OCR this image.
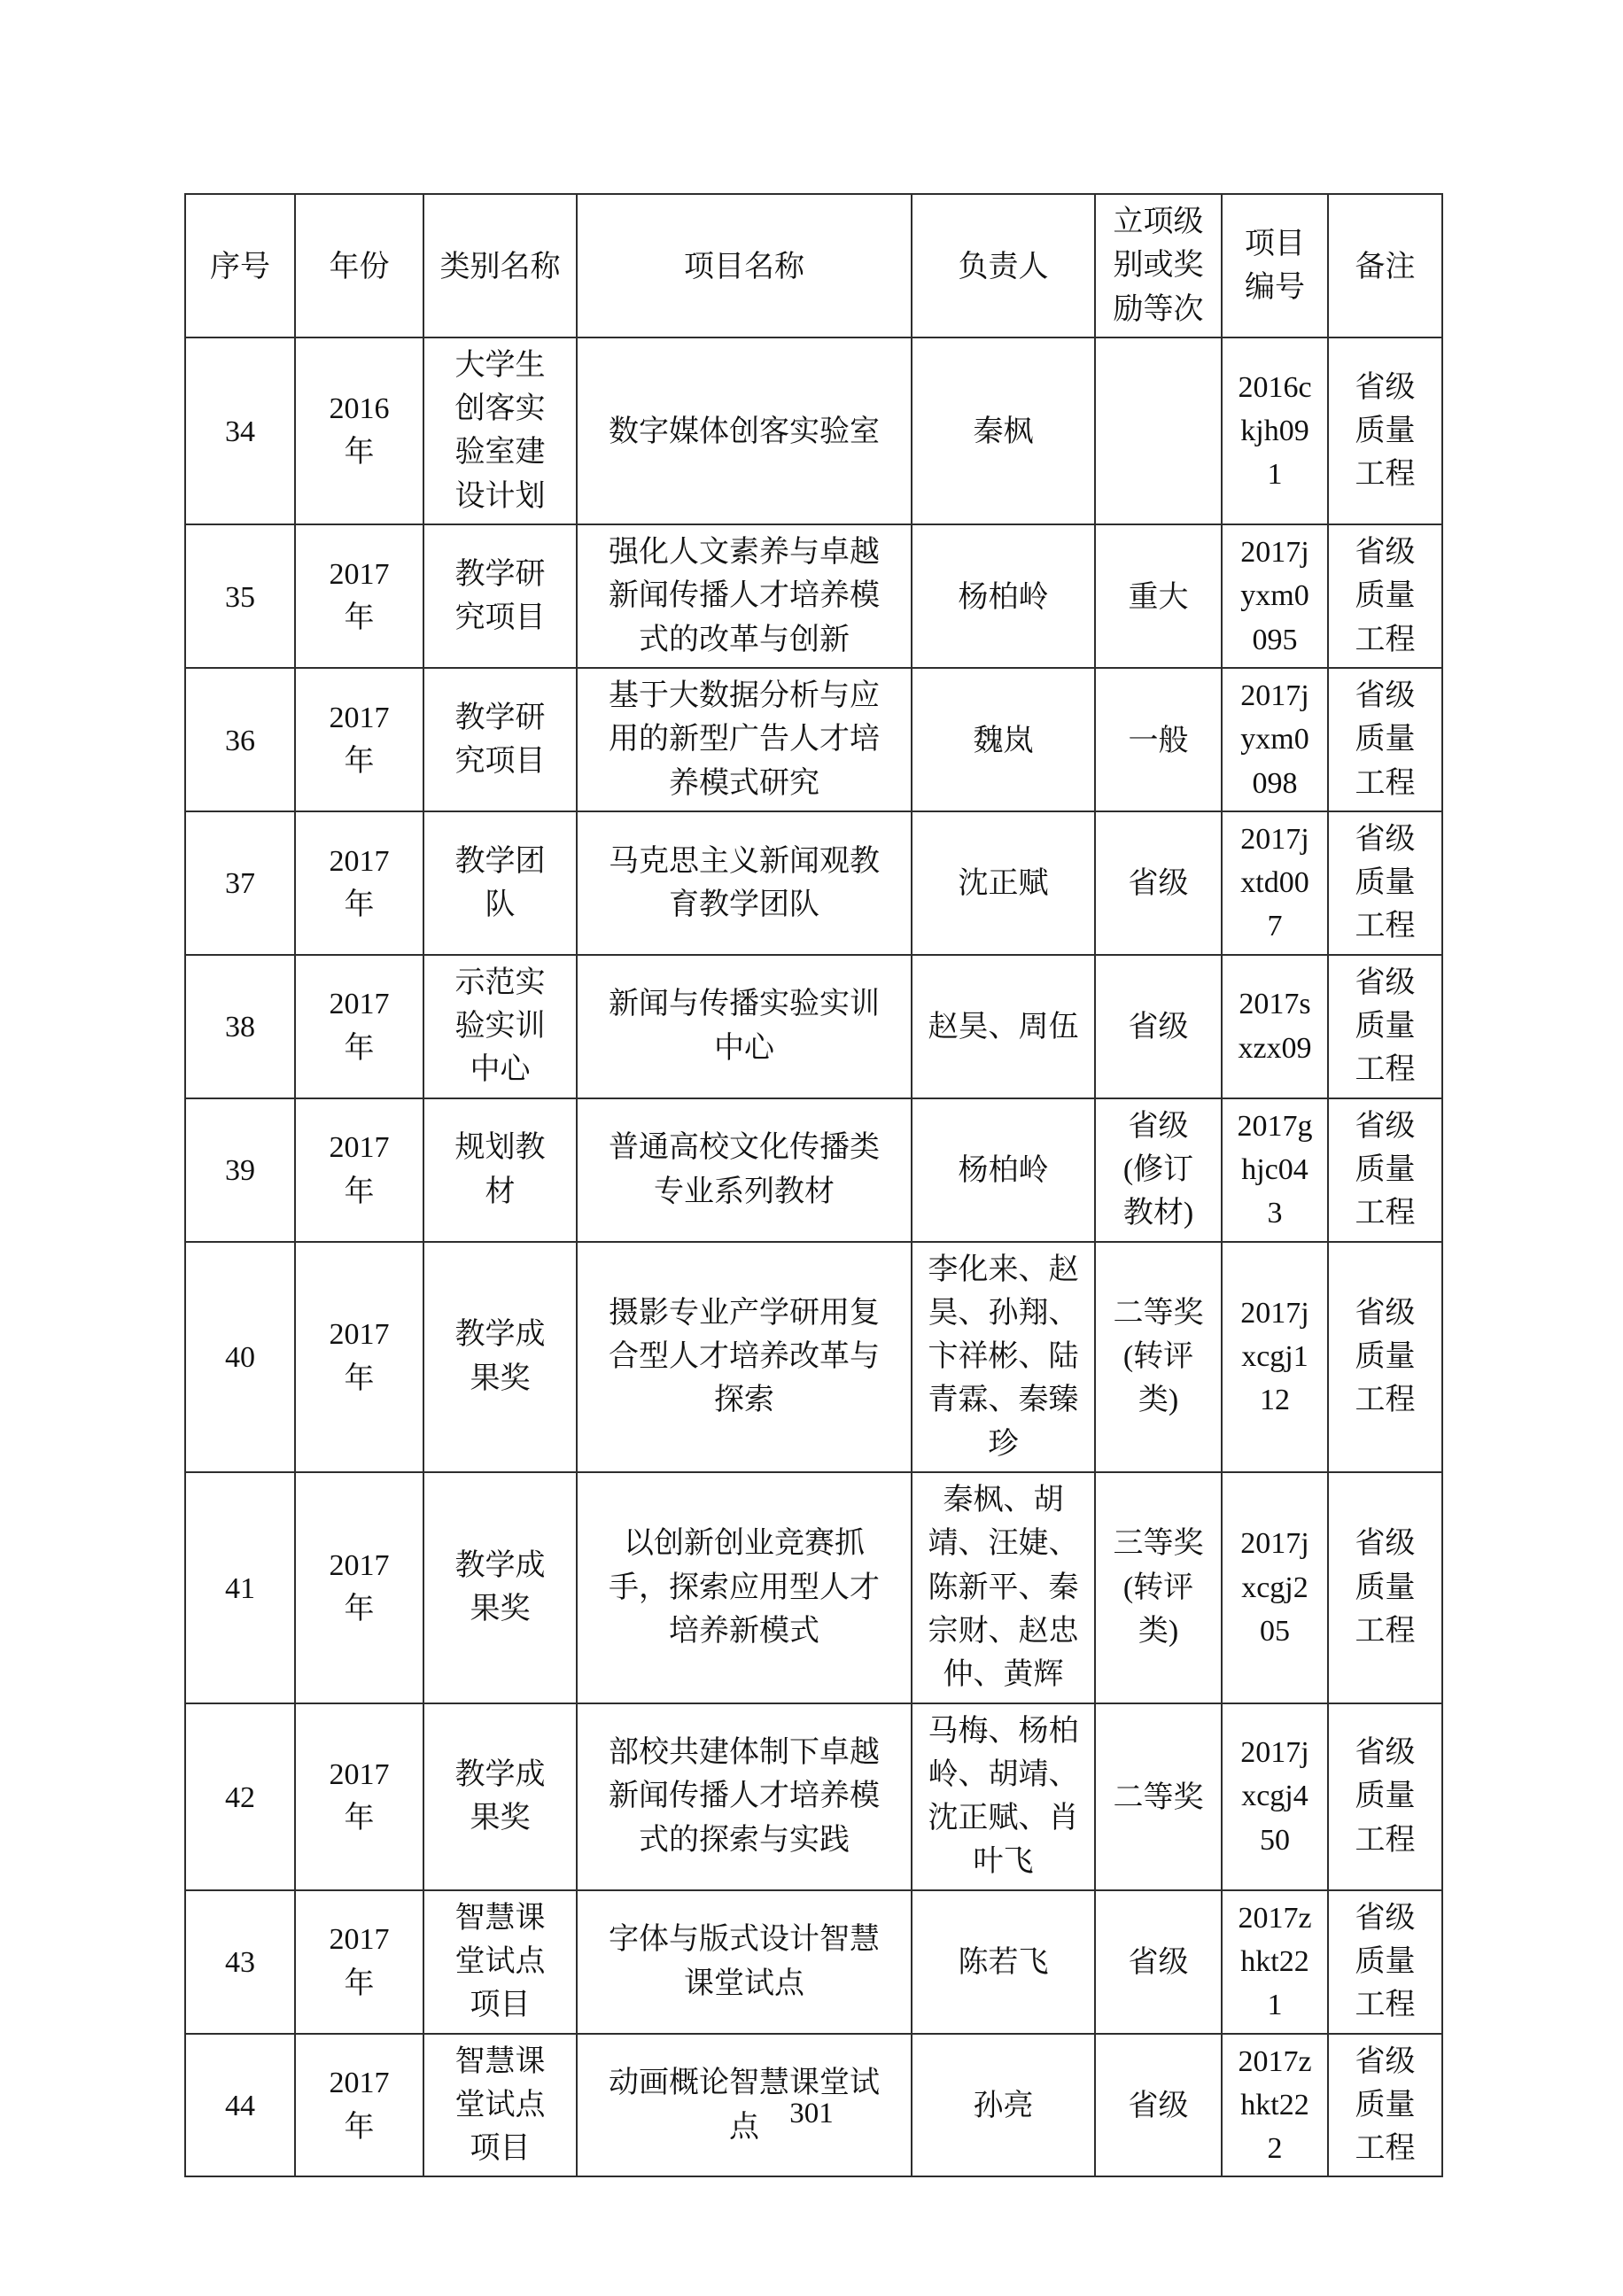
序号	年份	类别名称	项目名称	负责人	立项级别或奖励等次	项目编号	备注
34	2016年	大学生创客实验室建设计划	数字媒体创客实验室	秦枫		2016ckjh091	省级质量工程
35	2017年	教学研究项目	强化人文素养与卓越新闻传播人才培养模式的改革与创新	杨柏岭	重大	2017jyxm0095	省级质量工程
36	2017年	教学研究项目	基于大数据分析与应用的新型广告人才培养模式研究	魏岚	一般	2017jyxm0098	省级质量工程
37	2017年	教学团队	马克思主义新闻观教育教学团队	沈正赋	省级	2017jxtd007	省级质量工程
38	2017年	示范实验实训中心	新闻与传播实验实训中心	赵昊、周伍	省级	2017sxzx09	省级质量工程
39	2017年	规划教材	普通高校文化传播类专业系列教材	杨柏岭	省级(修订教材)	2017ghjc043	省级质量工程
40	2017年	教学成果奖	摄影专业产学研用复合型人才培养改革与探索	李化来、赵昊、孙翔、卞祥彬、陆青霖、秦臻珍	二等奖(转评类)	2017jxcgj112	省级质量工程
41	2017年	教学成果奖	以创新创业竞赛抓手，探索应用型人才培养新模式	秦枫、胡靖、汪婕、陈新平、秦宗财、赵忠仲、黄辉	三等奖(转评类)	2017jxcgj205	省级质量工程
42	2017年	教学成果奖	部校共建体制下卓越新闻传播人才培养模式的探索与实践	马梅、杨柏岭、胡靖、沈正赋、肖叶飞	二等奖	2017jxcgj450	省级质量工程
43	2017年	智慧课堂试点项目	字体与版式设计智慧课堂试点	陈若飞	省级	2017zhkt221	省级质量工程
44	2017年	智慧课堂试点项目	动画概论智慧课堂试点	孙亮	省级	2017zhkt222	省级质量工程
301
